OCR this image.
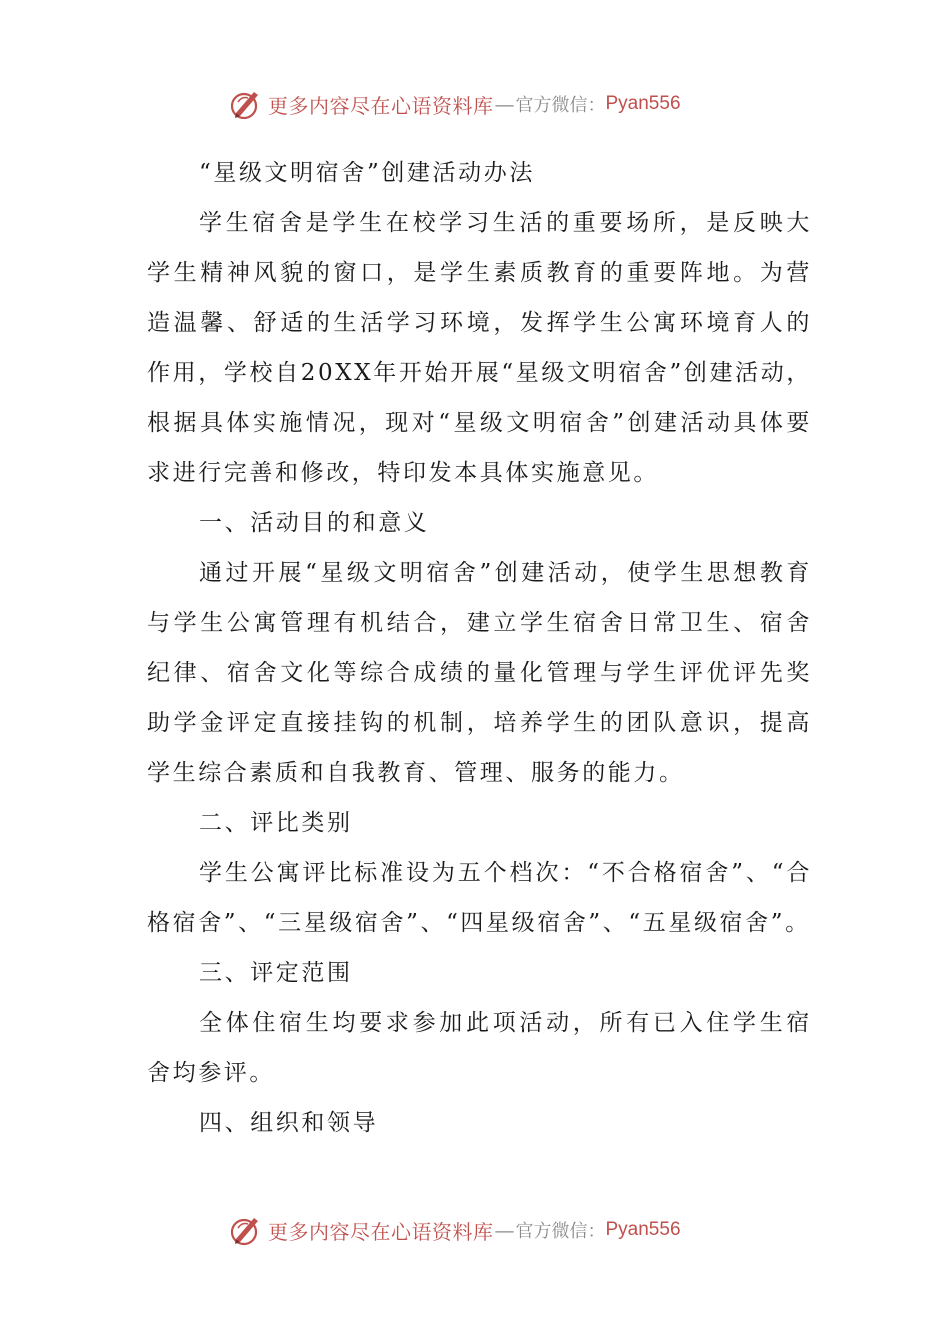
更多内容尽在心语资料库 — 官方微信： Pyan556

“星级文明宿舍”创建活动办法

学生宿舍是学生在校学习生活的重要场所，是反映大学生精神风貌的窗口，是学生素质教育的重要阵地。为营造温馨、舒适的生活学习环境，发挥学生公寓环境育人的作用，学校自20XX年开始开展“星级文明宿舍”创建活动，根据具体实施情况，现对“星级文明宿舍”创建活动具体要求进行完善和修改，特印发本具体实施意见。

一、活动目的和意义

通过开展“星级文明宿舍”创建活动，使学生思想教育与学生公寓管理有机结合，建立学生宿舍日常卫生、宿舍纪律、宿舍文化等综合成绩的量化管理与学生评优评先奖助学金评定直接挂钩的机制，培养学生的团队意识，提高学生综合素质和自我教育、管理、服务的能力。

二、评比类别

学生公寓评比标准设为五个档次：“不合格宿舍”、“合格宿舍”、“三星级宿舍”、“四星级宿舍”、“五星级宿舍”。

三、评定范围

全体住宿生均要求参加此项活动，所有已入住学生宿舍均参评。

四、组织和领导

更多内容尽在心语资料库 — 官方微信： Pyan556
